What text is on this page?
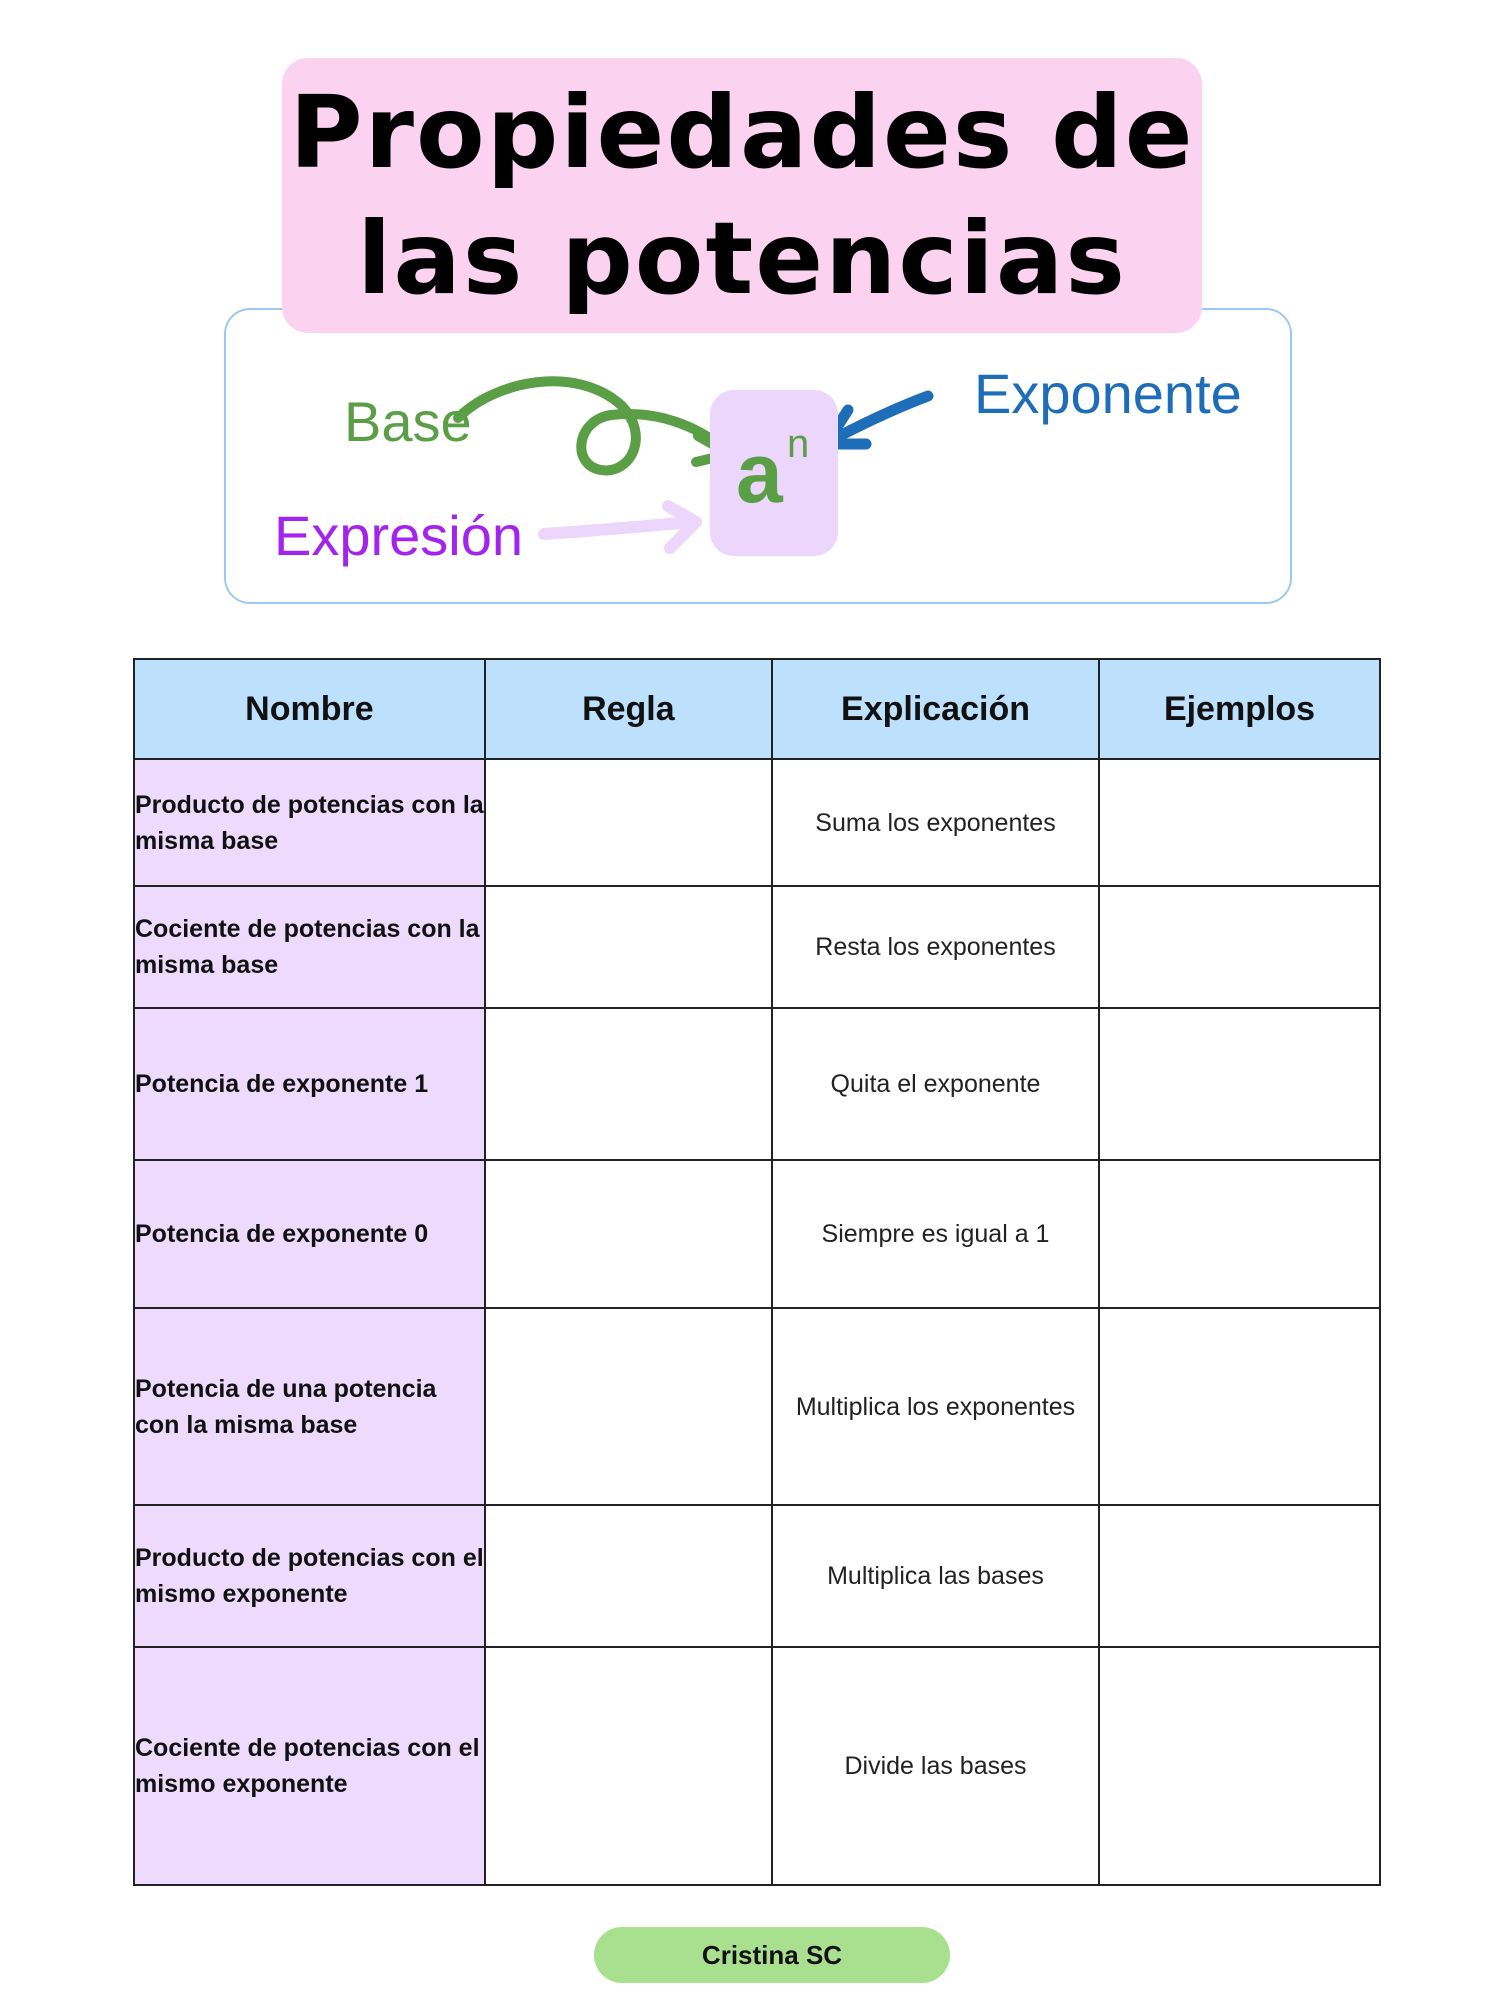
Propiedades de
las potencias
Base	Exponente
Expresión
a n
Nombre	Regla	Explicación	Ejemplos
Producto de potencias con la misma base		Suma los exponentes	
Cociente de potencias con la misma base		Resta los exponentes	
Potencia de exponente 1		Quita el exponente	
Potencia de exponente 0		Siempre es igual a 1	
Potencia de una potencia con la misma base		Multiplica los exponentes	
Producto de potencias con el mismo exponente		Multiplica las bases	
Cociente de potencias con el mismo exponente		Divide las bases	
Cristina SC
